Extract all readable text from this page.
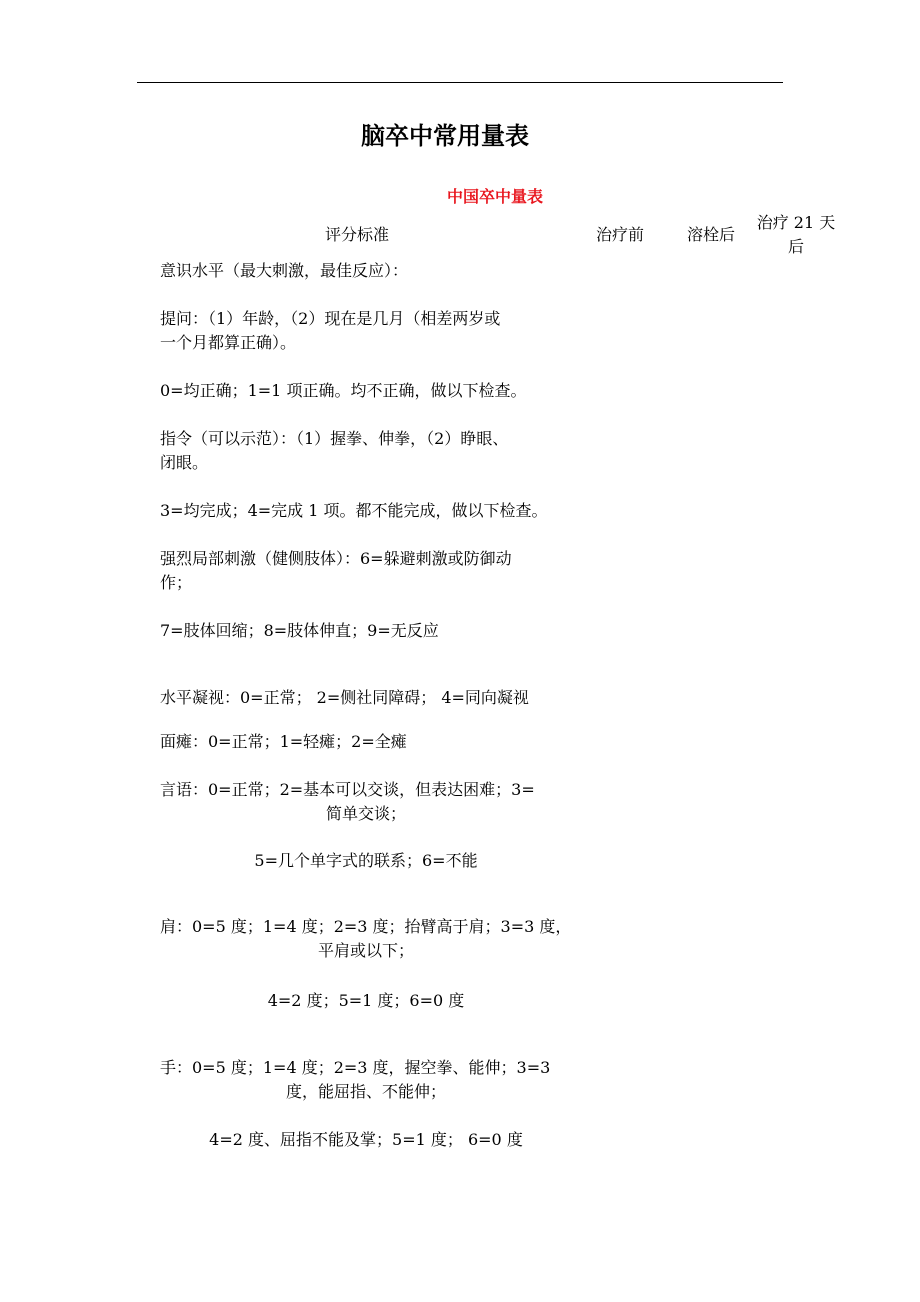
脑卒中常用量表
中国卒中量表
评分标准	治疗前	溶栓后
治疗 21 天
后
意识水平（最大刺激，最佳反应）：
提问：（1）年龄，（2）现在是几月（相差两岁或
一个月都算正确）。
0=均正确；1=1 项正确。均不正确，做以下检查。
指令（可以示范）：（1）握拳、伸拳，（2）睁眼、
闭眼。
3=均完成；4=完成 1 项。都不能完成，做以下检查。
强烈局部刺激（健侧肢体）：6=躲避刺激或防御动
作；
7=肢体回缩；8=肢体伸直；9=无反应
水平凝视：0=正常； 2=侧社同障碍； 4=同向凝视
面瘫：0=正常；1=轻瘫；2=全瘫
言语：0=正常；2=基本可以交谈，但表达困难；3=
简单交谈；
5=几个单字式的联系；6=不能
肩：0=5 度；1=4 度；2=3 度；抬臂高于肩；3=3 度，
平肩或以下；
4=2 度；5=1 度；6=0 度
手：0=5 度；1=4 度；2=3 度，握空拳、能伸；3=3
度，能屈指、不能伸；
4=2 度、屈指不能及掌；5=1 度； 6=0 度
